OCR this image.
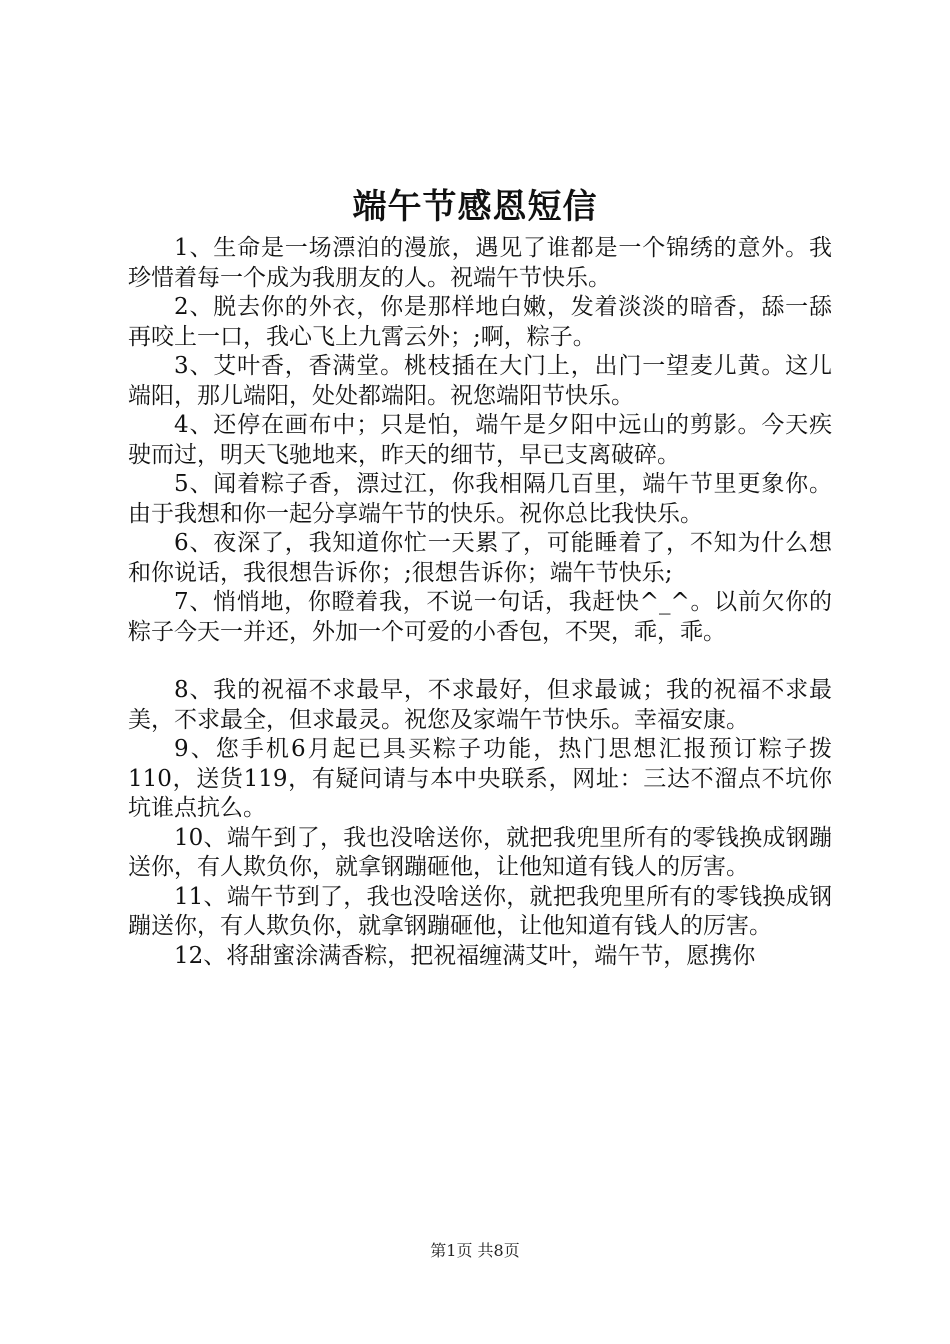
端午节感恩短信

1、生命是一场漂泊的漫旅，遇见了谁都是一个锦绣的意外。我珍惜着每一个成为我朋友的人。祝端午节快乐。

2、脱去你的外衣，你是那样地白嫩，发着淡淡的暗香，舔一舔再咬上一口，我心飞上九霄云外；;啊，粽子。

3、艾叶香，香满堂。桃枝插在大门上，出门一望麦儿黄。这儿端阳，那儿端阳，处处都端阳。祝您端阳节快乐。

4、还停在画布中；只是怕，端午是夕阳中远山的剪影。今天疾驶而过，明天飞驰地来，昨天的细节，早已支离破碎。

5、闻着粽子香，漂过江，你我相隔几百里，端午节里更象你。由于我想和你一起分享端午节的快乐。祝你总比我快乐。

6、夜深了，我知道你忙一天累了，可能睡着了，不知为什么想和你说话，我很想告诉你；;很想告诉你；端午节快乐;

7、悄悄地，你瞪着我，不说一句话，我赶快^_^。以前欠你的粽子今天一并还，外加一个可爱的小香包，不哭，乖，乖。

8、我的祝福不求最早，不求最好，但求最诚；我的祝福不求最美，不求最全，但求最灵。祝您及家端午节快乐。幸福安康。

9、您手机6月起已具买粽子功能，热门思想汇报预订粽子拨110，送货119，有疑问请与本中央联系，网址：三达不溜点不坑你坑谁点抗么。

10、端午到了，我也没啥送你，就把我兜里所有的零钱换成钢蹦送你，有人欺负你，就拿钢蹦砸他，让他知道有钱人的厉害。

11、端午节到了，我也没啥送你，就把我兜里所有的零钱换成钢蹦送你，有人欺负你，就拿钢蹦砸他，让他知道有钱人的厉害。

12、将甜蜜涂满香粽，把祝福缠满艾叶，端午节，愿携你

第1页 共8页
